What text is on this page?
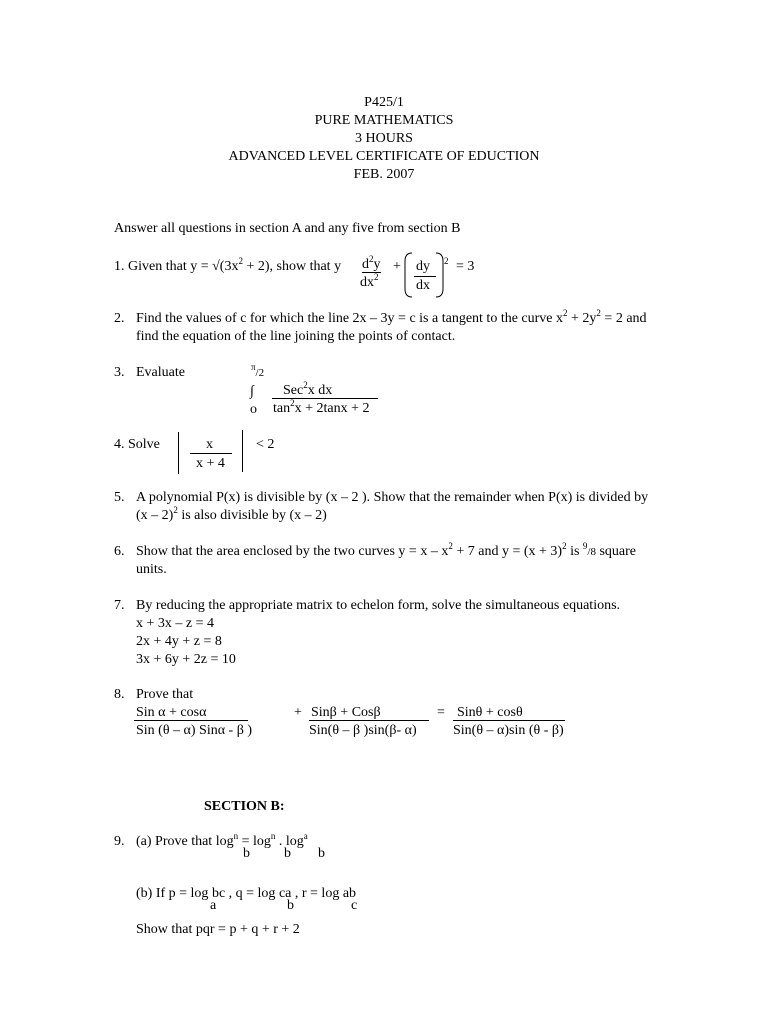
P425/1
PURE MATHEMATICS
3 HOURS
ADVANCED LEVEL CERTIFICATE OF EDUCTION
FEB. 2007
Answer all questions in section A and any five from section B
1. Given that $y = √(3x^2 + 2)$, show that y $d^2y$ +
$dx^2$
dy
dx
2 = 3
2. Find the values of c for which the line 2x – 3y = c is a tangent to the curve $x^2 + 2y^2 = 2$ and
find the equation of the line joining the points of contact.
3. Evaluate	$^\pi$/2
∫
o
Sec$^2$x dx
$\tan^2x + 2\tan x + 2$
4. Solve	x
x + 4
< 2
5. A polynomial P(x) is divisible by (x – 2 ). Show that the remainder when P(x) is divided by
(x – 2)$^2$ is also divisible by (x – 2)
6. Show that the area enclosed by the two curves $y = x - x^2 + 7$ and $y = (x + 3)^2$ is $^9$/8 square
units.
7. By reducing the appropriate matrix to echelon form, solve the simultaneous equations.
x + 3x – z = 4
2x + 4y + z = 8
3x + 6y + 2z = 10
8. Prove that
Sin α + cosα
Sin (θ – α) Sinα - β )
+ Sinβ + Cosβ
Sin(θ – β )sin(β- α)
= Sinθ + cosθ
Sin(θ – α)sin (θ - β)
SECTION B:
9. (a) Prove that $\log^n = \log^n$ . $\log^a$
b b b
(b) If p = log bc , q = log ca , r = log ab
a	b	c
Show that pqr = p + q + r + 2
